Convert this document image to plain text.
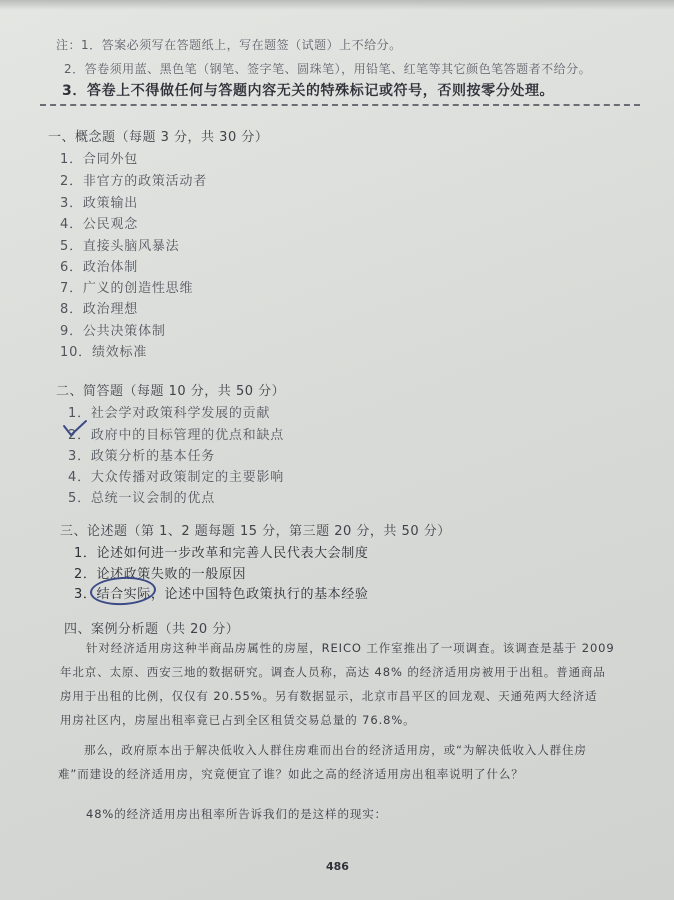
注：1．答案必须写在答题纸上，写在题签（试题）上不给分。
2．答卷须用蓝、黑色笔（钢笔、签字笔、圆珠笔），用铅笔、红笔等其它颜色笔答题者不给分。
3．答卷上不得做任何与答题内容无关的特殊标记或符号，否则按零分处理。
一、概念题（每题 3 分，共 30 分）
1．合同外包
2．非官方的政策活动者
3．政策输出
4．公民观念
5．直接头脑风暴法
6．政治体制
7．广义的创造性思维
8．政治理想
9．公共决策体制
10．绩效标准
二、简答题（每题 10 分，共 50 分）
1．社会学对政策科学发展的贡献
2．政府中的目标管理的优点和缺点
3．政策分析的基本任务
4．大众传播对政策制定的主要影响
5．总统一议会制的优点
三、论述题（第 1、2 题每题 15 分，第三题 20 分，共 50 分）
1．论述如何进一步改革和完善人民代表大会制度
2．论述政策失败的一般原因
3．结合实际，论述中国特色政策执行的基本经验
四、案例分析题（共 20 分）
针对经济适用房这种半商品房属性的房屋，REICO 工作室推出了一项调查。该调查是基于 2009
年北京、太原、西安三地的数据研究。调查人员称，高达 48% 的经济适用房被用于出租。普通商品
房用于出租的比例，仅仅有 20.55%。另有数据显示，北京市昌平区的回龙观、天通苑两大经济适
用房社区内，房屋出租率竟已占到全区租赁交易总量的 76.8%。
那么，政府原本出于解决低收入人群住房难而出台的经济适用房，或“为解决低收入人群住房
难”而建设的经济适用房，究竟便宜了谁？如此之高的经济适用房出租率说明了什么？
48%的经济适用房出租率所告诉我们的是这样的现实：
486
